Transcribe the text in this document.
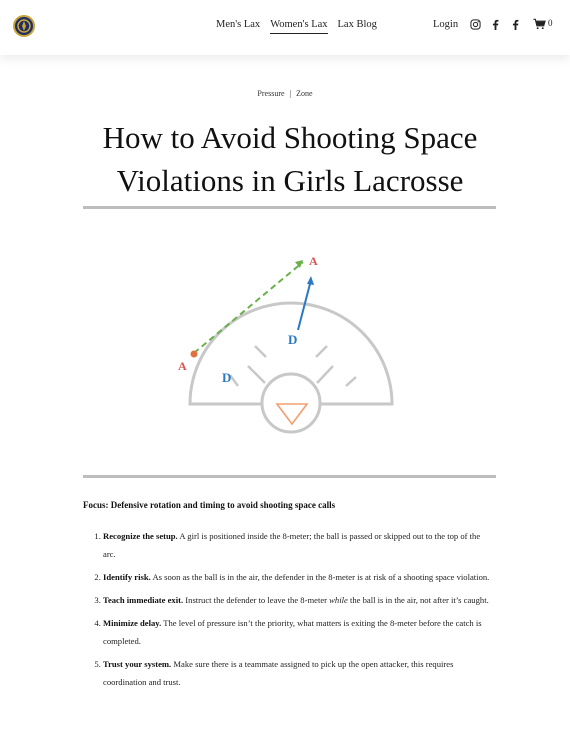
Men's Lax Women's Lax Lax Blog	Login	0
Pressure | Zone
How to Avoid Shooting Space Violations in Girls Lacrosse
A
A
D
D

Focus: Defensive rotation and timing to avoid shooting space calls

1. Recognize the setup. A girl is positioned inside the 8-meter; the ball is passed or skipped out to the top of the arc.
2. Identify risk. As soon as the ball is in the air, the defender in the 8-meter is at risk of a shooting space violation.
3. Teach immediate exit. Instruct the defender to leave the 8-meter while the ball is in the air, not after it’s caught.
4. Minimize delay. The level of pressure isn’t the priority, what matters is exiting the 8-meter before the catch is completed.
5. Trust your system. Make sure there is a teammate assigned to pick up the open attacker, this requires coordination and trust.
